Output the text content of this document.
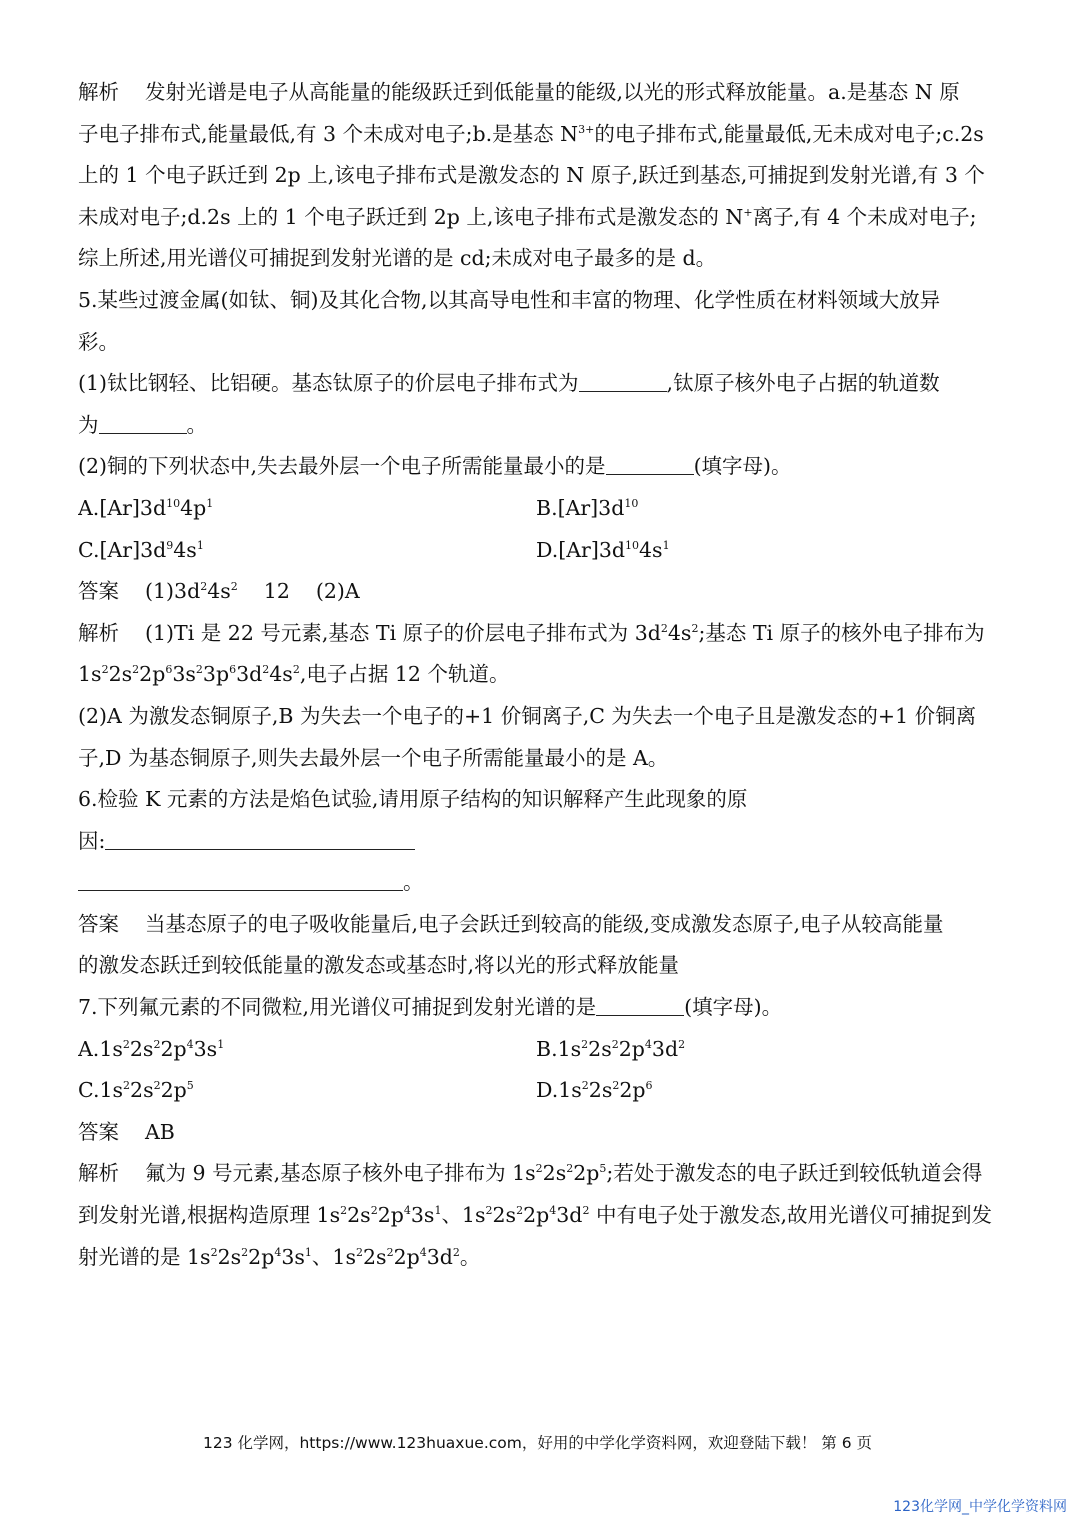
解析 发射光谱是电子从高能量的能级跃迁到低能量的能级,以光的形式释放能量。a.是基态 N 原
子电子排布式,能量最低,有 3 个未成对电子;b.是基态 $N^{3+}$的电子排布式,能量最低,无未成对电子;c.2s
上的 1 个电子跃迁到 2p 上,该电子排布式是激发态的 N 原子,跃迁到基态,可捕捉到发射光谱,有 3 个
未成对电子;d.2s 上的 1 个电子跃迁到 2p 上,该电子排布式是激发态的 N+离子,有 4 个未成对电子;
综上所述,用光谱仪可捕捉到发射光谱的是 cd;未成对电子最多的是 d。
5.某些过渡金属(如钛、铜)及其化合物,以其高导电性和丰富的物理、化学性质在材料领域大放异
彩。
(1)钛比钢轻、比铝硬。基态钛原子的价层电子排布式为	,钛原子核外电子占据的轨道数
为	。
(2)铜的下列状态中,失去最外层一个电子所需能量最小的是	(填字母)。
$A.[Ar]3d^{10}4p^1$	$B.[Ar]3d^{10}$
$C.[Ar]3d^94s^1$	$D.[Ar]3d^{10}4s^1$
答案 $(1)3d^24s^2$ 12 (2)A
解析 (1)Ti 是 22 号元素,基态 Ti 原子的价层电子排布式为 $3d^24s^2$;基态 Ti 原子的核外电子排布为
$1s^22s^22p^63s^23p^63d^24s^2$,电子占据 12 个轨道。
(2)A 为激发态铜原子,B 为失去一个电子的+1 价铜离子,C 为失去一个电子且是激发态的+1 价铜离
子,D 为基态铜原子,则失去最外层一个电子所需能量最小的是 A。
6.检验 K 元素的方法是焰色试验,请用原子结构的知识解释产生此现象的原
因:
。
答案 当基态原子的电子吸收能量后,电子会跃迁到较高的能级,变成激发态原子,电子从较高能量
的激发态跃迁到较低能量的激发态或基态时,将以光的形式释放能量
7.下列氟元素的不同微粒,用光谱仪可捕捉到发射光谱的是	(填字母)。
$A.1s^22s^22p^43s^1$	$B.1s^22s^22p^43d^2$
$C.1s^22s^22p^5$	$D.1s^22s^22p^6$
答案 AB
解析 氟为 9 号元素,基态原子核外电子排布为 $1s^22s^22p^5$;若处于激发态的电子跃迁到较低轨道会得
到发射光谱,根据构造原理 $1s^22s^22p^43s^1$、$1s^22s^22p^43d^2$ 中有电子处于激发态,故用光谱仪可捕捉到发
射光谱的是 $1s^22s^22p^43s^1$、$1s^22s^22p^43d^2$。
123 化学网，https://www.123huaxue.com，好用的中学化学资料网，欢迎登陆下载！ 第 6 页
123化学网_中学化学资料网
